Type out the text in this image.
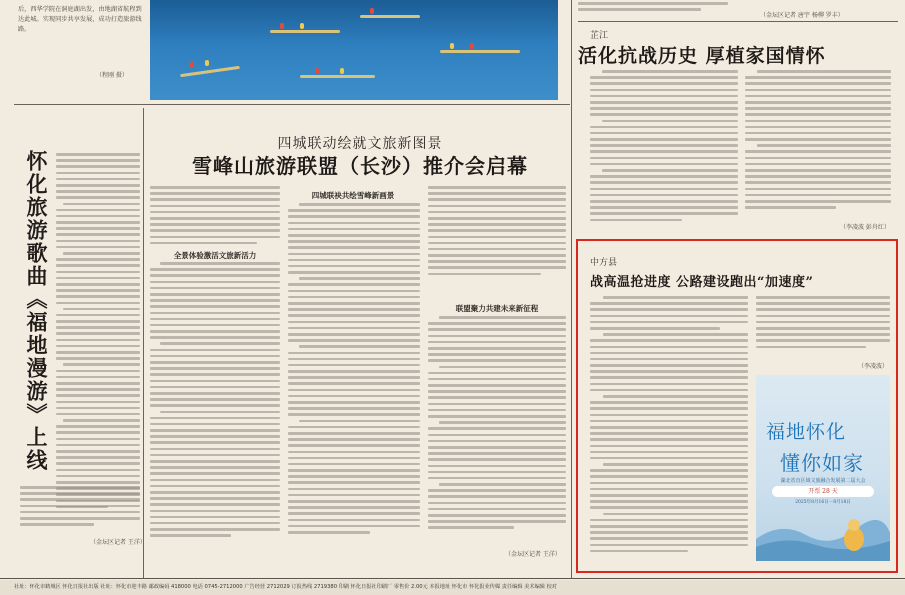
后，西华学院在洞庭湖出发，由地湖省航程到达此城。实现同步共享发展，成功打造旅游线路。
（程刚 摄）
（金坛区记者 唐宇 杨柳 罗丰）
怀化旅游歌曲《福地漫游》上线
（金坛区记者 王洋）
四城联动绘就文旅新图景
雪峰山旅游联盟（长沙）推介会启幕
全景体验激活文旅新活力
四城联袂共绘雪峰新画景
联盟聚力共建未来新征程
（金坛区记者 王洋）
芷江
活化抗战历史 厚植家国情怀
（李凌波 彭舟红）
中方县
战高温抢进度 公路建设跑出“加速度”
（李凌波）
福地怀化
懂你如家
湖北省直区域文旅融合发展第二届大会
开票 28 天
2025年8月16日－8月18日
社址：怀化市鹤城区 怀化日报社出版 社址：怀化市迎丰路 邮政编码 418000 电话 0745-2712000 广告经营 2712029 订报热线 2719380 印刷 怀化日报社印刷厂 零售价 2.00元 本报地址 怀化市 怀化报业传媒 责任编辑 美术编辑 校对
